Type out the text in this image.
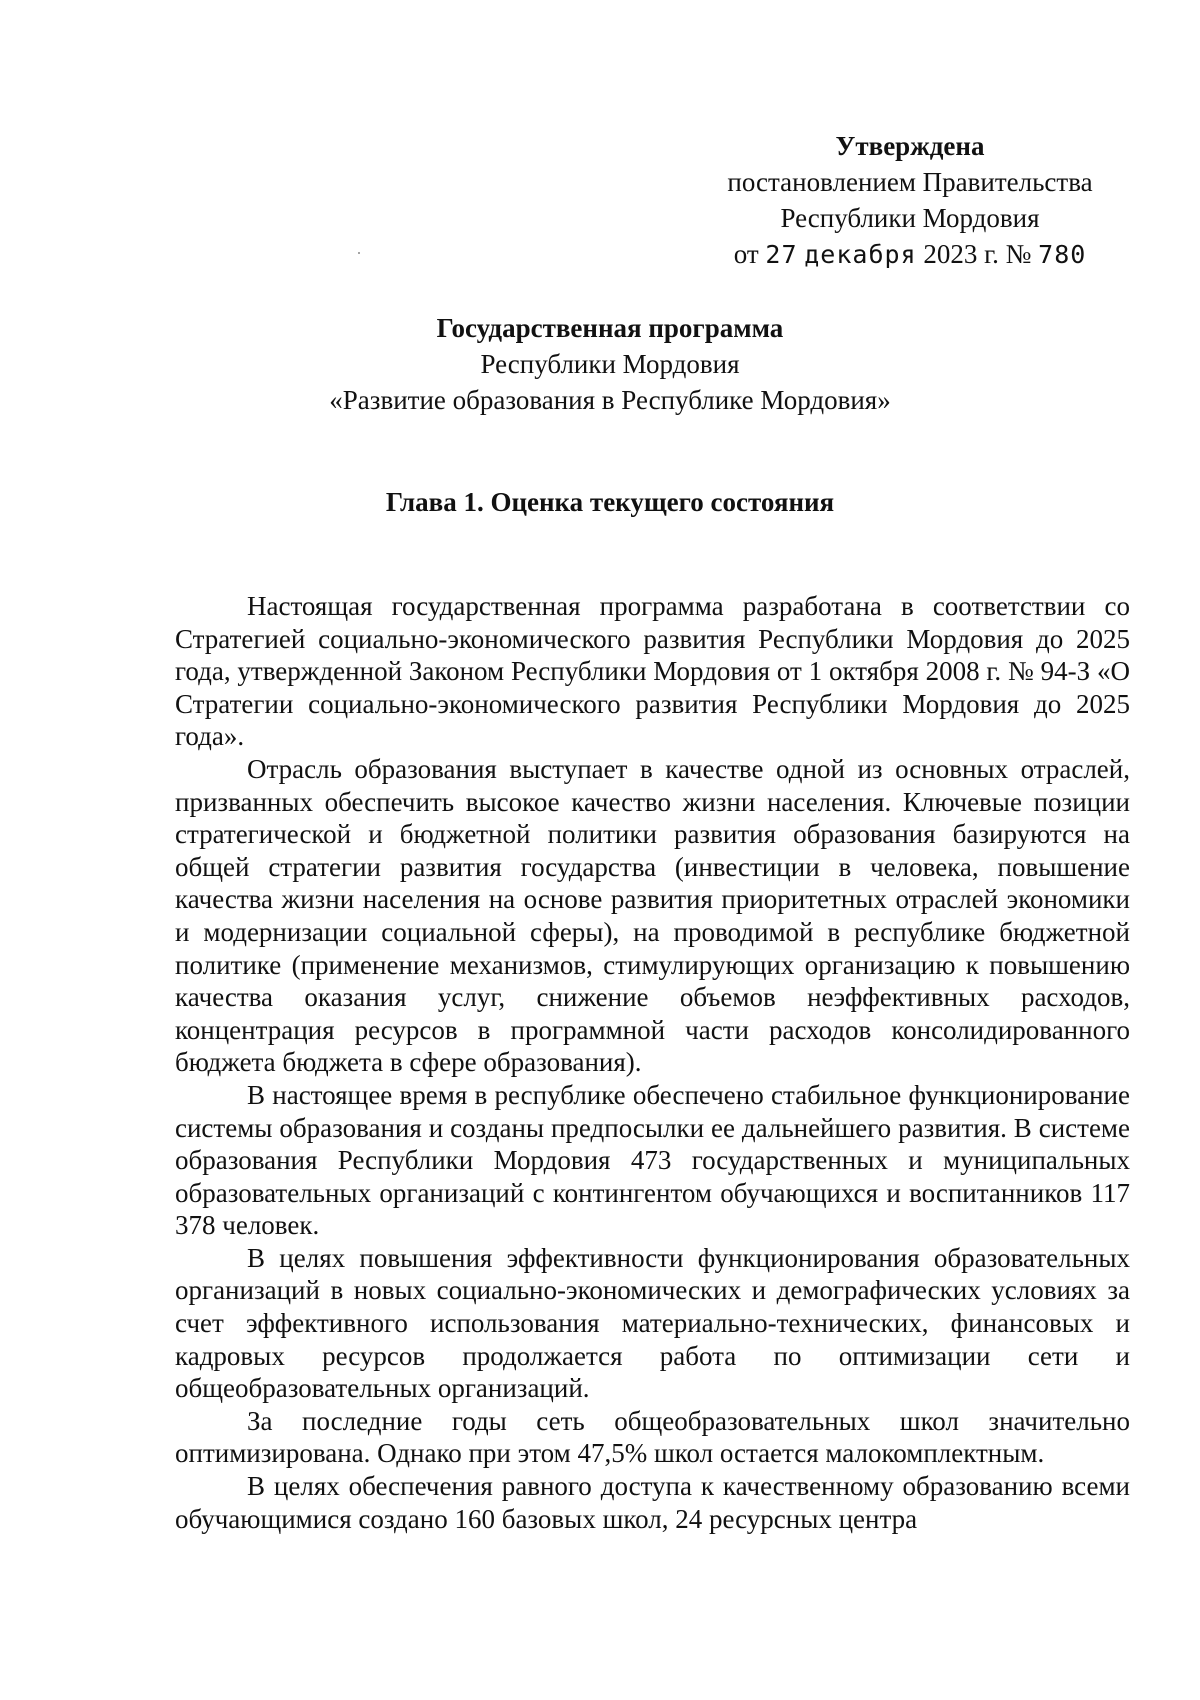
Утверждена
постановлением Правительства
Республики Мордовия
от 27 декабря 2023 г. № 780
Государственная программа
Республики Мордовия
«Развитие образования в Республике Мордовия»
Глава 1. Оценка текущего состояния

Настоящая государственная программа разработана в соответствии со Стратегией социально-экономического развития Республики Мордовия до 2025 года, утвержденной Законом Республики Мордовия от 1 октября 2008 г. № 94-З «О Стратегии социально-экономического развития Республики Мордовия до 2025 года».

Отрасль образования выступает в качестве одной из основных отраслей, призванных обеспечить высокое качество жизни населения. Ключевые позиции стратегической и бюджетной политики развития образования базируются на общей стратегии развития государства (инвестиции в человека, повышение качества жизни населения на основе развития приоритетных отраслей экономики и модернизации социальной сферы), на проводимой в республике бюджетной политике (применение механизмов, стимулирующих организацию к повышению качества оказания услуг, снижение объемов неэффективных расходов, концентрация ресурсов в программной части расходов консолидированного бюджета бюджета в сфере образования).

В настоящее время в республике обеспечено стабильное функционирование системы образования и созданы предпосылки ее дальнейшего развития. В системе образования Республики Мордовия 473 государственных и муниципальных образовательных организаций с контингентом обучающихся и воспитанников 117 378 человек.

В целях повышения эффективности функционирования образовательных организаций в новых социально-экономических и демографических условиях за счет эффективного использования материально-технических, финансовых и кадровых ресурсов продолжается работа по оптимизации сети и общеобразовательных организаций.

За последние годы сеть общеобразовательных школ значительно оптимизирована. Однако при этом 47,5% школ остается малокомплектным.

В целях обеспечения равного доступа к качественному образованию всеми обучающимися создано 160 базовых школ, 24 ресурсных центра
